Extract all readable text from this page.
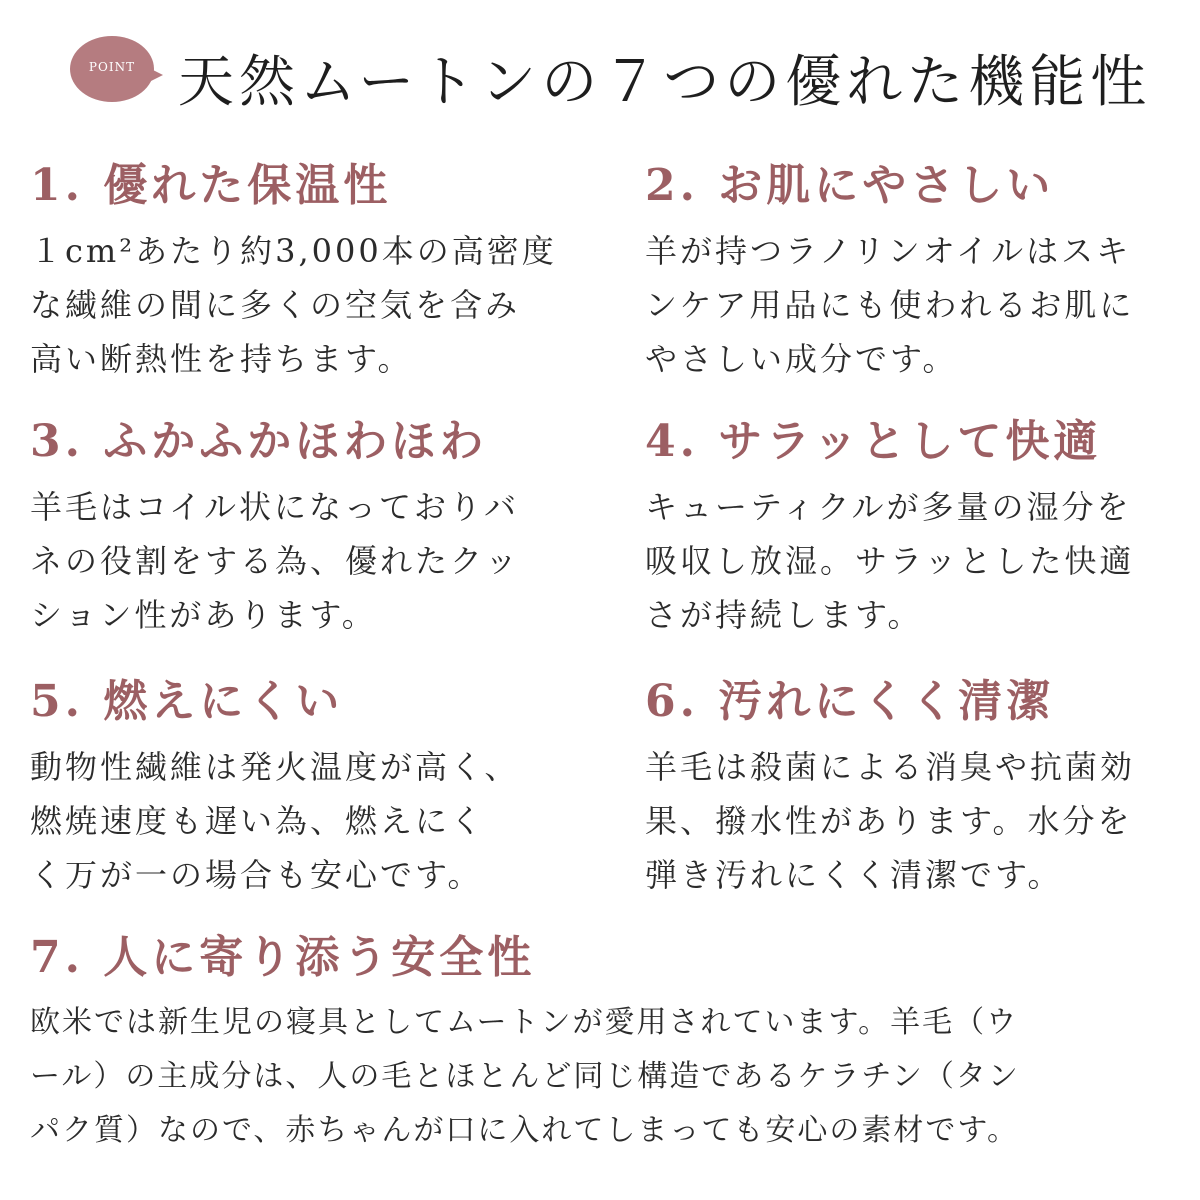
POINT 天然ムートンの７つの優れた機能性
1. 優れた保温性
１cm²あたり約3,000本の高密度
な繊維の間に多くの空気を含み
高い断熱性を持ちます。
2. お肌にやさしい
羊が持つラノリンオイルはスキ
ンケア用品にも使われるお肌に
やさしい成分です。
3. ふかふかほわほわ
羊毛はコイル状になっておりバ
ネの役割をする為、優れたクッ
ション性があります。
4. サラッとして快適
キューティクルが多量の湿分を
吸収し放湿。サラッとした快適
さが持続します。
5. 燃えにくい
動物性繊維は発火温度が高く、
燃焼速度も遅い為、燃えにく
く万が一の場合も安心です。
6. 汚れにくく清潔
羊毛は殺菌による消臭や抗菌効
果、撥水性があります。水分を
弾き汚れにくく清潔です。
7. 人に寄り添う安全性
欧米では新生児の寝具としてムートンが愛用されています。羊毛（ウ
ール）の主成分は、人の毛とほとんど同じ構造であるケラチン（タン
パク質）なので、赤ちゃんが口に入れてしまっても安心の素材です。
